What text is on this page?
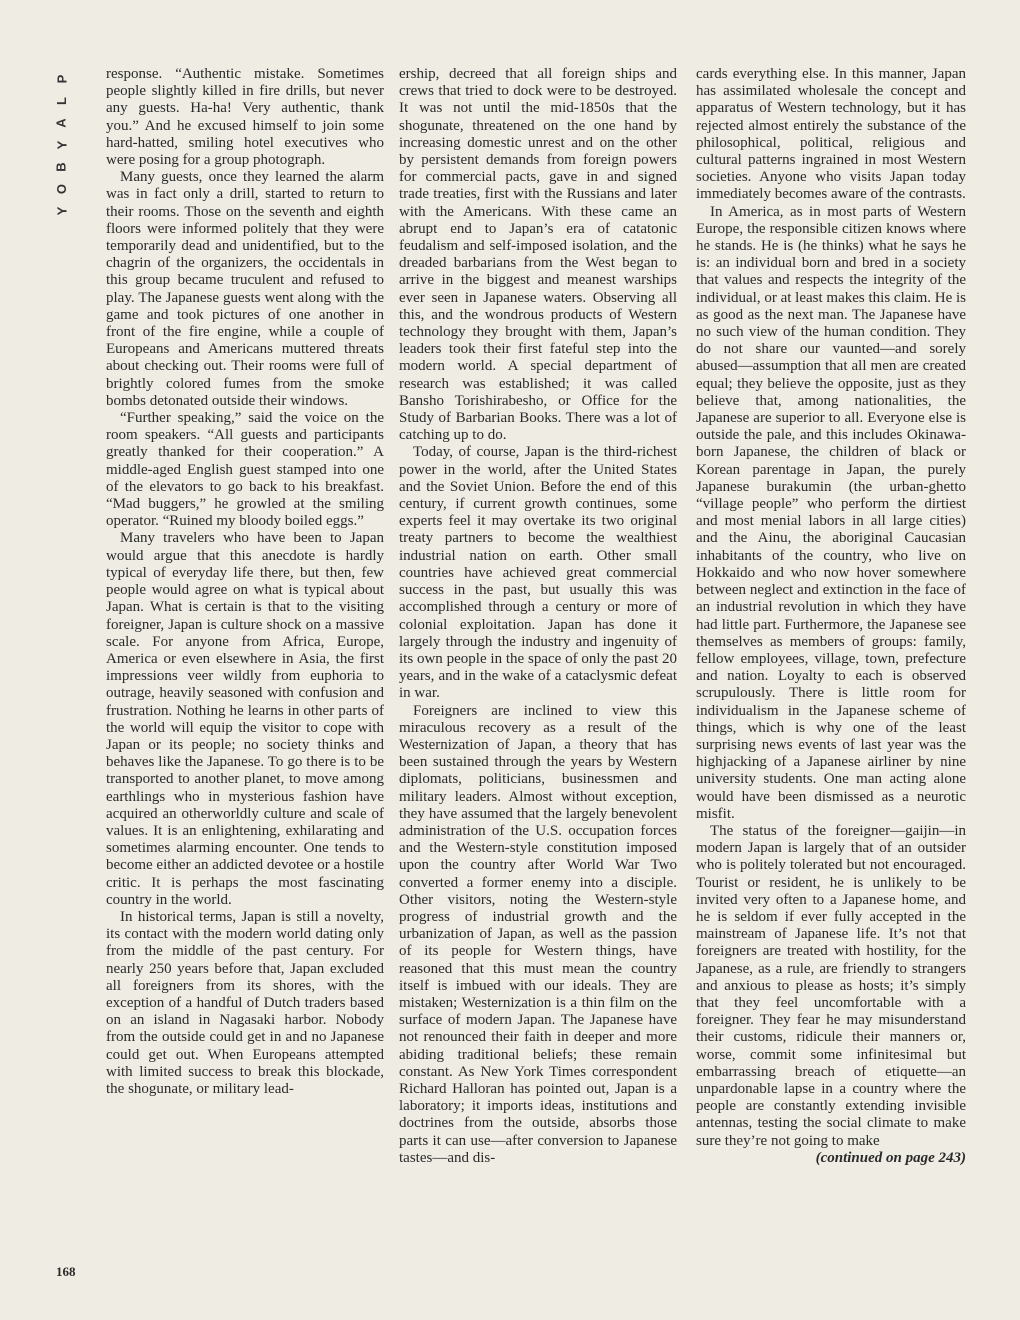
P
L
A
Y
B
O
Y

response. “Authentic mistake. Sometimes people slightly killed in fire drills, but never any guests. Ha-ha! Very authentic, thank you.” And he excused himself to join some hard-hatted, smiling hotel executives who were posing for a group photograph.

Many guests, once they learned the alarm was in fact only a drill, started to return to their rooms. Those on the seventh and eighth floors were informed politely that they were temporarily dead and unidentified, but to the chagrin of the organizers, the occidentals in this group became truculent and refused to play. The Japanese guests went along with the game and took pictures of one another in front of the fire engine, while a couple of Europeans and Americans muttered threats about checking out. Their rooms were full of brightly colored fumes from the smoke bombs detonated outside their windows.

“Further speaking,” said the voice on the room speakers. “All guests and participants greatly thanked for their cooperation.” A middle-aged English guest stamped into one of the elevators to go back to his breakfast. “Mad buggers,” he growled at the smiling operator. “Ruined my bloody boiled eggs.”

Many travelers who have been to Japan would argue that this anecdote is hardly typical of everyday life there, but then, few people would agree on what is typical about Japan. What is certain is that to the visiting foreigner, Japan is culture shock on a massive scale. For anyone from Africa, Europe, America or even elsewhere in Asia, the first impressions veer wildly from euphoria to outrage, heavily seasoned with confusion and frustration. Nothing he learns in other parts of the world will equip the visitor to cope with Japan or its people; no society thinks and behaves like the Japanese. To go there is to be transported to another planet, to move among earthlings who in mysterious fashion have acquired an otherworldly culture and scale of values. It is an enlightening, exhilarating and sometimes alarming encounter. One tends to become either an addicted devotee or a hostile critic. It is perhaps the most fascinating country in the world.

In historical terms, Japan is still a novelty, its contact with the modern world dating only from the middle of the past century. For nearly 250 years before that, Japan excluded all foreigners from its shores, with the exception of a handful of Dutch traders based on an island in Nagasaki harbor. Nobody from the outside could get in and no Japanese could get out. When Europeans attempted with limited success to break this blockade, the shogunate, or military lead-

ership, decreed that all foreign ships and crews that tried to dock were to be destroyed. It was not until the mid-1850s that the shogunate, threatened on the one hand by increasing domestic unrest and on the other by persistent demands from foreign powers for commercial pacts, gave in and signed trade treaties, first with the Russians and later with the Americans. With these came an abrupt end to Japan’s era of catatonic feudalism and self-imposed isolation, and the dreaded barbarians from the West began to arrive in the biggest and meanest warships ever seen in Japanese waters. Observing all this, and the wondrous products of Western technology they brought with them, Japan’s leaders took their first fateful step into the modern world. A special department of research was established; it was called Bansho Torishirabesho, or Office for the Study of Barbarian Books. There was a lot of catching up to do.

Today, of course, Japan is the third-richest power in the world, after the United States and the Soviet Union. Before the end of this century, if current growth continues, some experts feel it may overtake its two original treaty partners to become the wealthiest industrial nation on earth. Other small countries have achieved great commercial success in the past, but usually this was accomplished through a century or more of colonial exploitation. Japan has done it largely through the industry and ingenuity of its own people in the space of only the past 20 years, and in the wake of a cataclysmic defeat in war.

Foreigners are inclined to view this miraculous recovery as a result of the Westernization of Japan, a theory that has been sustained through the years by Western diplomats, politicians, businessmen and military leaders. Almost without exception, they have assumed that the largely benevolent administration of the U.S. occupation forces and the Western-style constitution imposed upon the country after World War Two converted a former enemy into a disciple. Other visitors, noting the Western-style progress of industrial growth and the urbanization of Japan, as well as the passion of its people for Western things, have reasoned that this must mean the country itself is imbued with our ideals. They are mistaken; Westernization is a thin film on the surface of modern Japan. The Japanese have not renounced their faith in deeper and more abiding traditional beliefs; these remain constant. As New York Times correspondent Richard Halloran has pointed out, Japan is a laboratory; it imports ideas, institutions and doctrines from the outside, absorbs those parts it can use—after conversion to Japanese tastes—and dis-

cards everything else. In this manner, Japan has assimilated wholesale the concept and apparatus of Western technology, but it has rejected almost entirely the substance of the philosophical, political, religious and cultural patterns ingrained in most Western societies. Anyone who visits Japan today immediately becomes aware of the contrasts.

In America, as in most parts of Western Europe, the responsible citizen knows where he stands. He is (he thinks) what he says he is: an individual born and bred in a society that values and respects the integrity of the individual, or at least makes this claim. He is as good as the next man. The Japanese have no such view of the human condition. They do not share our vaunted—and sorely abused—assumption that all men are created equal; they believe the opposite, just as they believe that, among nationalities, the Japanese are superior to all. Everyone else is outside the pale, and this includes Okinawa-born Japanese, the children of black or Korean parentage in Japan, the purely Japanese burakumin (the urban-ghetto “village people” who perform the dirtiest and most menial labors in all large cities) and the Ainu, the aboriginal Caucasian inhabitants of the country, who live on Hokkaido and who now hover somewhere between neglect and extinction in the face of an industrial revolution in which they have had little part. Furthermore, the Japanese see themselves as members of groups: family, fellow employees, village, town, prefecture and nation. Loyalty to each is observed scrupulously. There is little room for individualism in the Japanese scheme of things, which is why one of the least surprising news events of last year was the highjacking of a Japanese airliner by nine university students. One man acting alone would have been dismissed as a neurotic misfit.

The status of the foreigner—gaijin—in modern Japan is largely that of an outsider who is politely tolerated but not encouraged. Tourist or resident, he is unlikely to be invited very often to a Japanese home, and he is seldom if ever fully accepted in the mainstream of Japanese life. It’s not that foreigners are treated with hostility, for the Japanese, as a rule, are friendly to strangers and anxious to please as hosts; it’s simply that they feel uncomfortable with a foreigner. They fear he may misunderstand their customs, ridicule their manners or, worse, commit some infinitesimal but embarrassing breach of etiquette—an unpardonable lapse in a country where the people are constantly extending invisible antennas, testing the social climate to make sure they’re not going to make

(continued on page 243)

168
